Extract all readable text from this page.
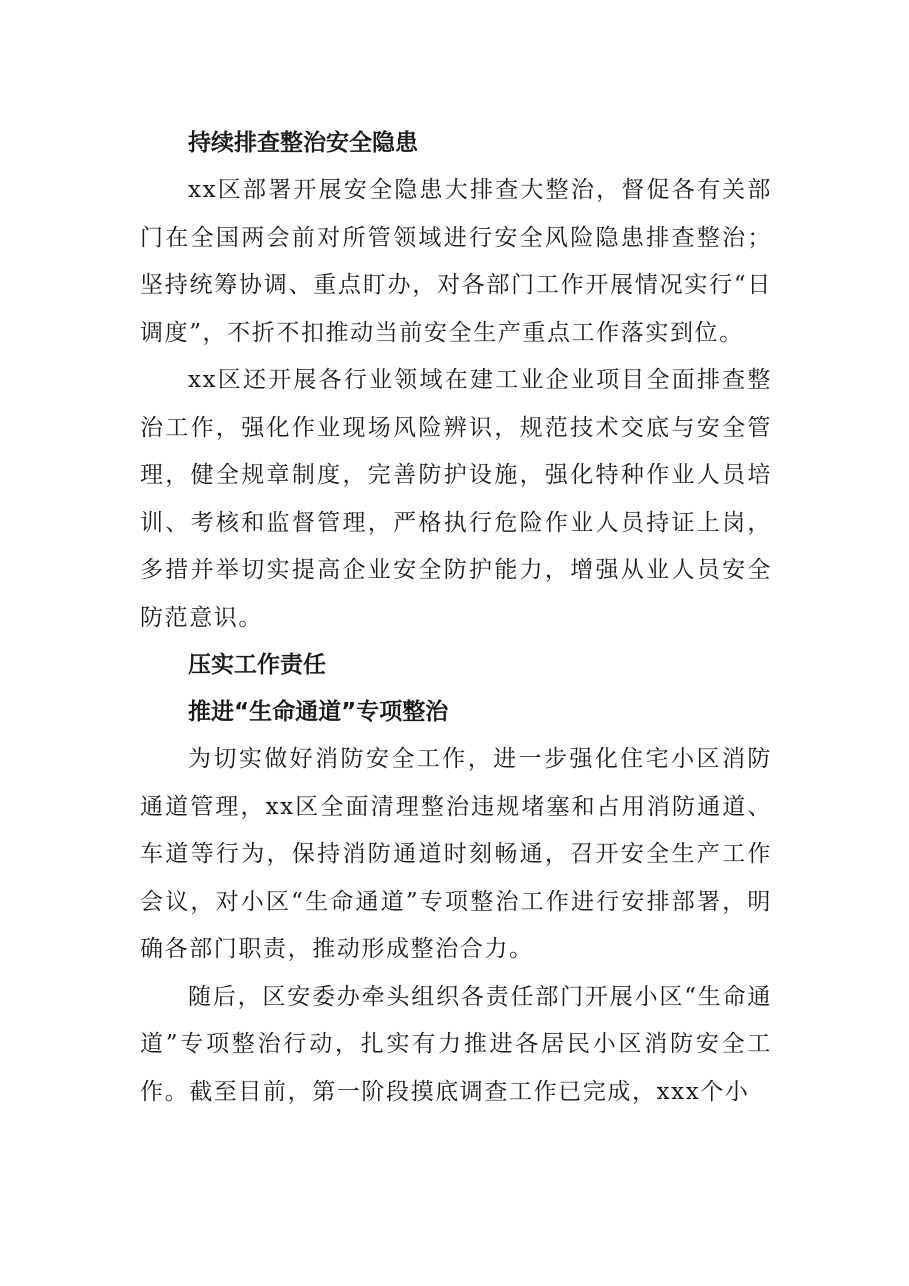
持续排查整治安全隐患

xx区部署开展安全隐患大排查大整治，督促各有关部门在全国两会前对所管领域进行安全风险隐患排查整治；坚持统筹协调、重点盯办，对各部门工作开展情况实行“日调度”，不折不扣推动当前安全生产重点工作落实到位。

xx区还开展各行业领域在建工业企业项目全面排查整治工作，强化作业现场风险辨识，规范技术交底与安全管理，健全规章制度，完善防护设施，强化特种作业人员培训、考核和监督管理，严格执行危险作业人员持证上岗，多措并举切实提高企业安全防护能力，增强从业人员安全防范意识。

压实工作责任
推进“生命通道”专项整治

为切实做好消防安全工作，进一步强化住宅小区消防通道管理，xx区全面清理整治违规堵塞和占用消防通道、车道等行为，保持消防通道时刻畅通，召开安全生产工作会议，对小区“生命通道”专项整治工作进行安排部署，明确各部门职责，推动形成整治合力。

随后，区安委办牵头组织各责任部门开展小区“生命通道”专项整治行动，扎实有力推进各居民小区消防安全工作。截至目前，第一阶段摸底调查工作已完成，xxx个小
